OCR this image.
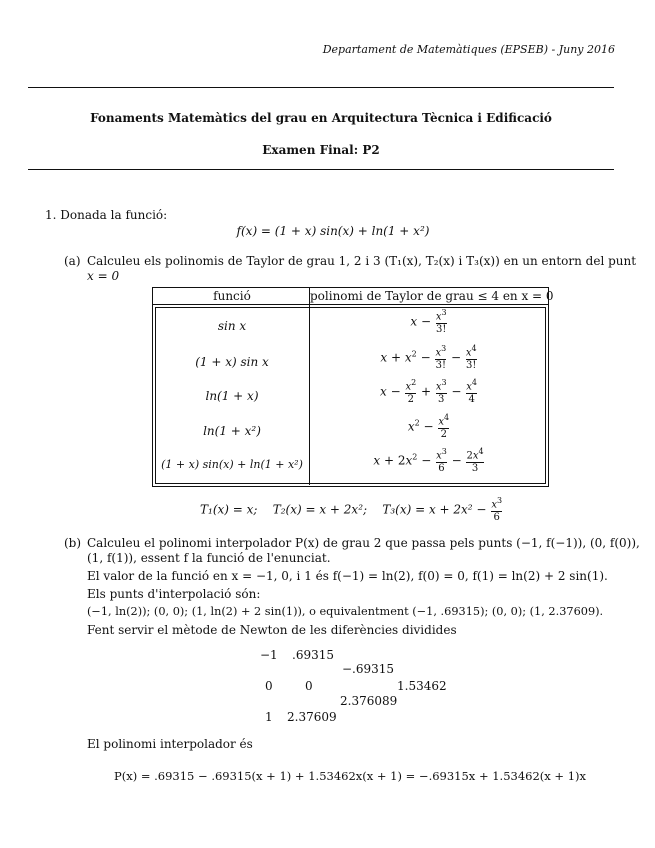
Departament de Matemàtiques (EPSEB) - Juny 2016
Fonaments Matemàtics del grau en Arquitectura Tècnica i Edificació
Examen Final: P2
1. Donada la funció:
f(x) = (1 + x) sin(x) + ln(1 + x²)
(a) Calculeu els polinomis de Taylor de grau 1, 2 i 3 (T₁(x), T₂(x) i T₃(x)) en un entorn del punt
x = 0
funció	polinomi de Taylor de grau ≤ 4 en x = 0
sin x	$x - \frac{x^3}{3!}$
(1 + x) sin x	$x + x^2 - \frac{x^3}{3!} - \frac{x^4}{3!}$
ln(1 + x)	$x - \frac{x^2}{2} + \frac{x^3}{3} - \frac{x^4}{4}$
ln(1 + x²)	$x^2 - \frac{x^4}{2}$
(1 + x) sin(x) + ln(1 + x²)	$x + 2x^2 - \frac{x^3}{6} - \frac{2x^4}{3}$
T₁(x) = x; T₂(x) = x + 2x²; $T_3(x) = x + 2x^2 - \frac{x^3}{6}$
(b) Calculeu el polinomi interpolador P(x) de grau 2 que passa pels punts (−1, f(−1)), (0, f(0)),
(1, f(1)), essent f la funció de l'enunciat.
El valor de la funció en x = −1, 0, i 1 és f(−1) = ln(2), f(0) = 0, f(1) = ln(2) + 2 sin(1).
Els punts d'interpolació són:
(−1, ln(2)); (0, 0); (1, ln(2) + 2 sin(1)), o equivalentment (−1, .69315); (0, 0); (1, 2.37609).
Fent servir el mètode de Newton de les diferències dividides
−1 .69315
−.69315
0	0	1.53462
2.376089
1 2.37609
El polinomi interpolador és
P(x) = .69315 − .69315(x + 1) + 1.53462x(x + 1) = −.69315x + 1.53462(x + 1)x
